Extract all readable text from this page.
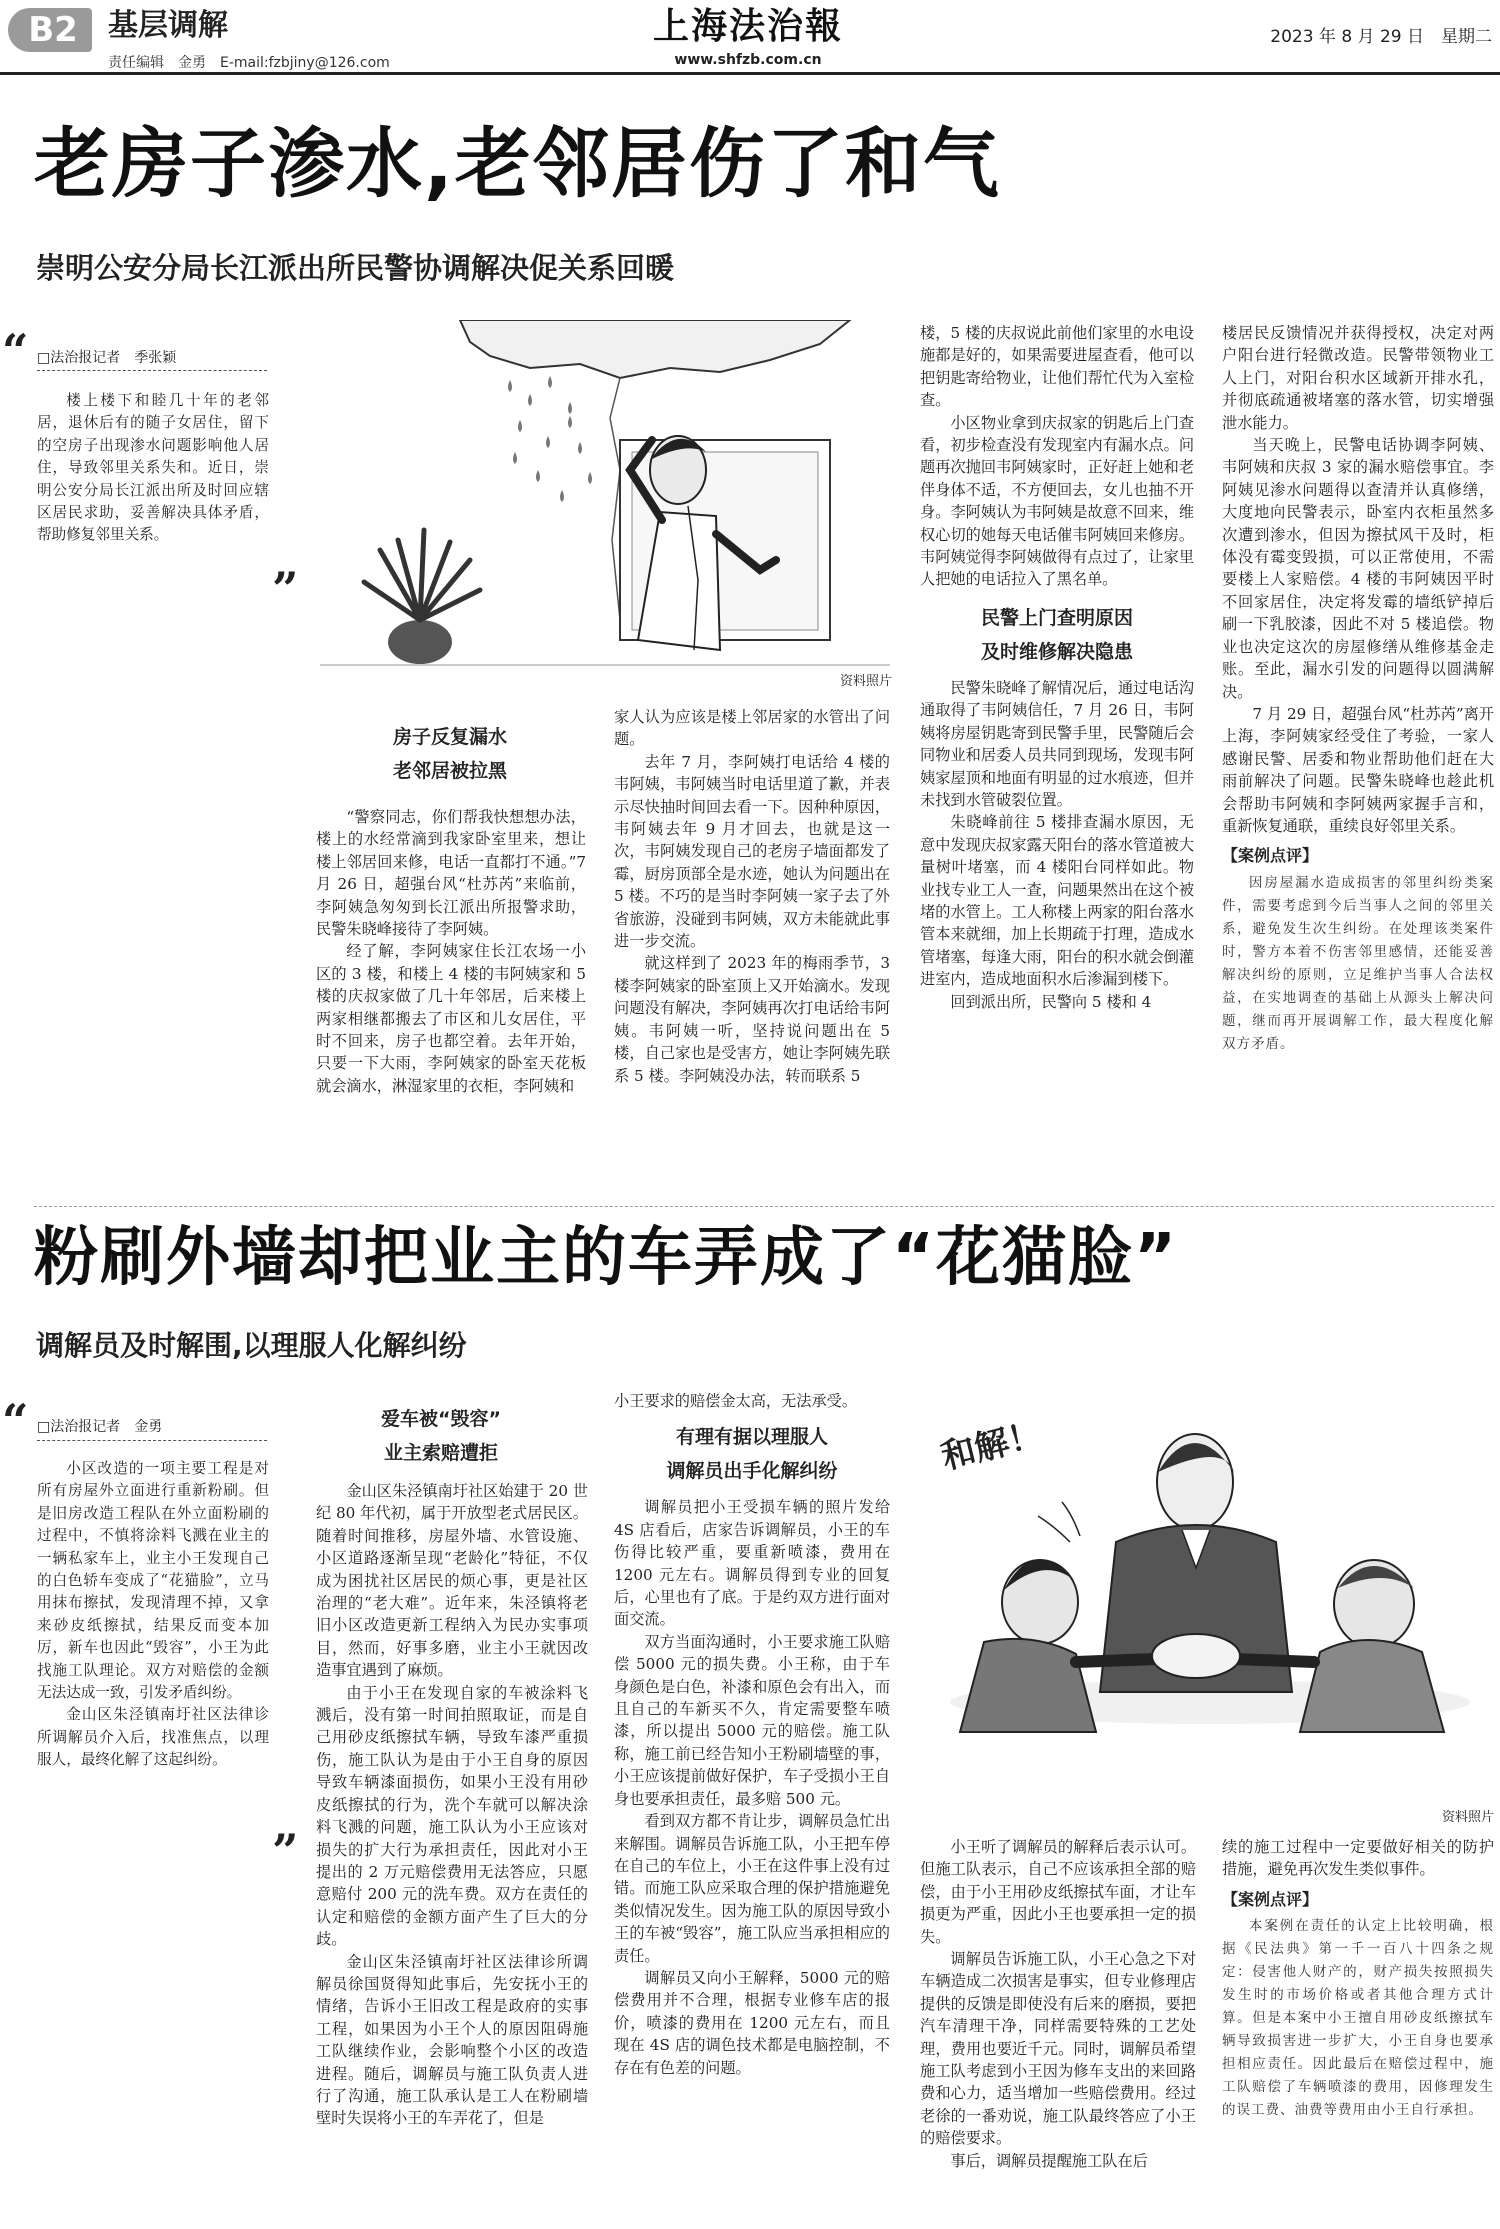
B2	基层调解
责任编辑　金勇　E-mail:fzbjiny@126.com
上海法治報
www.shfzb.com.cn
2023 年 8 月 29 日　星期二
老房子渗水,老邻居伤了和气
崇明公安分局长江派出所民警协调解决促关系回暖
“ □法治报记者　季张颖

楼上楼下和睦几十年的老邻居，退休后有的随子女居住，留下的空房子出现渗水问题影响他人居住，导致邻里关系失和。近日，崇明公安分局长江派出所及时回应辖区居民求助，妥善解决具体矛盾，帮助修复邻里关系。

”
资料照片
房子反复漏水
老邻居被拉黑

“警察同志，你们帮我快想想办法，楼上的水经常滴到我家卧室里来，想让楼上邻居回来修，电话一直都打不通。”7 月 26 日，超强台风“杜苏芮”来临前，李阿姨急匆匆到长江派出所报警求助，民警朱晓峰接待了李阿姨。

经了解，李阿姨家住长江农场一小区的 3 楼，和楼上 4 楼的韦阿姨家和 5 楼的庆叔家做了几十年邻居，后来楼上两家相继都搬去了市区和儿女居住，平时不回来，房子也都空着。去年开始，只要一下大雨，李阿姨家的卧室天花板就会滴水，淋湿家里的衣柜，李阿姨和

家人认为应该是楼上邻居家的水管出了问题。

去年 7 月，李阿姨打电话给 4 楼的韦阿姨，韦阿姨当时电话里道了歉，并表示尽快抽时间回去看一下。因种种原因，韦阿姨去年 9 月才回去，也就是这一次，韦阿姨发现自己的老房子墙面都发了霉，厨房顶部全是水迹，她认为问题出在 5 楼。不巧的是当时李阿姨一家子去了外省旅游，没碰到韦阿姨，双方未能就此事进一步交流。

就这样到了 2023 年的梅雨季节，3 楼李阿姨家的卧室顶上又开始滴水。发现问题没有解决，李阿姨再次打电话给韦阿姨。韦阿姨一听，坚持说问题出在 5 楼，自己家也是受害方，她让李阿姨先联系 5 楼。李阿姨没办法，转而联系 5

楼，5 楼的庆叔说此前他们家里的水电设施都是好的，如果需要进屋查看，他可以把钥匙寄给物业，让他们帮忙代为入室检查。

小区物业拿到庆叔家的钥匙后上门查看，初步检查没有发现室内有漏水点。问题再次抛回韦阿姨家时，正好赶上她和老伴身体不适，不方便回去，女儿也抽不开身。李阿姨认为韦阿姨是故意不回来，维权心切的她每天电话催韦阿姨回来修房。韦阿姨觉得李阿姨做得有点过了，让家里人把她的电话拉入了黑名单。

民警上门查明原因
及时维修解决隐患

民警朱晓峰了解情况后，通过电话沟通取得了韦阿姨信任，7 月 26 日，韦阿姨将房屋钥匙寄到民警手里，民警随后会同物业和居委人员共同到现场，发现韦阿姨家屋顶和地面有明显的过水痕迹，但并未找到水管破裂位置。

朱晓峰前往 5 楼排查漏水原因，无意中发现庆叔家露天阳台的落水管道被大量树叶堵塞，而 4 楼阳台同样如此。物业找专业工人一查，问题果然出在这个被堵的水管上。工人称楼上两家的阳台落水管本来就细，加上长期疏于打理，造成水管堵塞，每逢大雨，阳台的积水就会倒灌进室内，造成地面积水后渗漏到楼下。

回到派出所，民警向 5 楼和 4

楼居民反馈情况并获得授权，决定对两户阳台进行轻微改造。民警带领物业工人上门，对阳台积水区域新开排水孔，并彻底疏通被堵塞的落水管，切实增强泄水能力。

当天晚上，民警电话协调李阿姨、韦阿姨和庆叔 3 家的漏水赔偿事宜。李阿姨见渗水问题得以查清并认真修缮，大度地向民警表示，卧室内衣柜虽然多次遭到渗水，但因为擦拭风干及时，柜体没有霉变毁损，可以正常使用，不需要楼上人家赔偿。4 楼的韦阿姨因平时不回家居住，决定将发霉的墙纸铲掉后刷一下乳胶漆，因此不对 5 楼追偿。物业也决定这次的房屋修缮从维修基金走账。至此，漏水引发的问题得以圆满解决。

7 月 29 日，超强台风“杜苏芮”离开上海，李阿姨家经受住了考验，一家人感谢民警、居委和物业帮助他们赶在大雨前解决了问题。民警朱晓峰也趁此机会帮助韦阿姨和李阿姨两家握手言和，重新恢复通联，重续良好邻里关系。

【案例点评】

因房屋漏水造成损害的邻里纠纷类案件，需要考虑到今后当事人之间的邻里关系，避免发生次生纠纷。在处理该类案件时，警方本着不伤害邻里感情，还能妥善解决纠纷的原则，立足维护当事人合法权益，在实地调查的基础上从源头上解决问题，继而再开展调解工作，最大程度化解双方矛盾。

粉刷外墙却把业主的车弄成了“花猫脸”
调解员及时解围,以理服人化解纠纷
“ □法治报记者　金勇

小区改造的一项主要工程是对所有房屋外立面进行重新粉刷。但是旧房改造工程队在外立面粉刷的过程中，不慎将涂料飞溅在业主的一辆私家车上，业主小王发现自己的白色轿车变成了“花猫脸”，立马用抹布擦拭，发现清理不掉，又拿来砂皮纸擦拭，结果反而变本加厉，新车也因此“毁容”，小王为此找施工队理论。双方对赔偿的金额无法达成一致，引发矛盾纠纷。

金山区朱泾镇南圩社区法律诊所调解员介入后，找准焦点，以理服人，最终化解了这起纠纷。

”
爱车被“毁容”
业主索赔遭拒

金山区朱泾镇南圩社区始建于 20 世纪 80 年代初，属于开放型老式居民区。随着时间推移，房屋外墙、水管设施、小区道路逐渐呈现“老龄化”特征，不仅成为困扰社区居民的烦心事，更是社区治理的“老大难”。近年来，朱泾镇将老旧小区改造更新工程纳入为民办实事项目，然而，好事多磨，业主小王就因改造事宜遇到了麻烦。

由于小王在发现自家的车被涂料飞溅后，没有第一时间拍照取证，而是自己用砂皮纸擦拭车辆，导致车漆严重损伤，施工队认为是由于小王自身的原因导致车辆漆面损伤，如果小王没有用砂皮纸擦拭的行为，洗个车就可以解决涂料飞溅的问题，施工队认为小王应该对损失的扩大行为承担责任，因此对小王提出的 2 万元赔偿费用无法答应，只愿意赔付 200 元的洗车费。双方在责任的认定和赔偿的金额方面产生了巨大的分歧。

金山区朱泾镇南圩社区法律诊所调解员徐国贤得知此事后，先安抚小王的情绪，告诉小王旧改工程是政府的实事工程，如果因为小王个人的原因阻碍施工队继续作业，会影响整个小区的改造进程。随后，调解员与施工队负责人进行了沟通，施工队承认是工人在粉刷墙壁时失误将小王的车弄花了，但是

小王要求的赔偿金太高，无法承受。

有理有据以理服人
调解员出手化解纠纷

调解员把小王受损车辆的照片发给 4S 店看后，店家告诉调解员，小王的车伤得比较严重，要重新喷漆，费用在 1200 元左右。调解员得到专业的回复后，心里也有了底。于是约双方进行面对面交流。

双方当面沟通时，小王要求施工队赔偿 5000 元的损失费。小王称，由于车身颜色是白色，补漆和原色会有出入，而且自己的车新买不久，肯定需要整车喷漆，所以提出 5000 元的赔偿。施工队称，施工前已经告知小王粉刷墙壁的事，小王应该提前做好保护，车子受损小王自身也要承担责任，最多赔 500 元。

看到双方都不肯让步，调解员急忙出来解围。调解员告诉施工队，小王把车停在自己的车位上，小王在这件事上没有过错。而施工队应采取合理的保护措施避免类似情况发生。因为施工队的原因导致小王的车被“毁容”，施工队应当承担相应的责任。

调解员又向小王解释，5000 元的赔偿费用并不合理，根据专业修车店的报价，喷漆的费用在 1200 元左右，而且现在 4S 店的调色技术都是电脑控制，不存在有色差的问题。

和解！
资料照片

小王听了调解员的解释后表示认可。但施工队表示，自己不应该承担全部的赔偿，由于小王用砂皮纸擦拭车面，才让车损更为严重，因此小王也要承担一定的损失。

调解员告诉施工队，小王心急之下对车辆造成二次损害是事实，但专业修理店提供的反馈是即使没有后来的磨损，要把汽车清理干净，同样需要特殊的工艺处理，费用也要近千元。同时，调解员希望施工队考虑到小王因为修车支出的来回路费和心力，适当增加一些赔偿费用。经过老徐的一番劝说，施工队最终答应了小王的赔偿要求。

事后，调解员提醒施工队在后

续的施工过程中一定要做好相关的防护措施，避免再次发生类似事件。

【案例点评】

本案例在责任的认定上比较明确，根据《民法典》第一千一百八十四条之规定：侵害他人财产的，财产损失按照损失发生时的市场价格或者其他合理方式计算。但是本案中小王擅自用砂皮纸擦拭车辆导致损害进一步扩大，小王自身也要承担相应责任。因此最后在赔偿过程中，施工队赔偿了车辆喷漆的费用，因修理发生的误工费、油费等费用由小王自行承担。
